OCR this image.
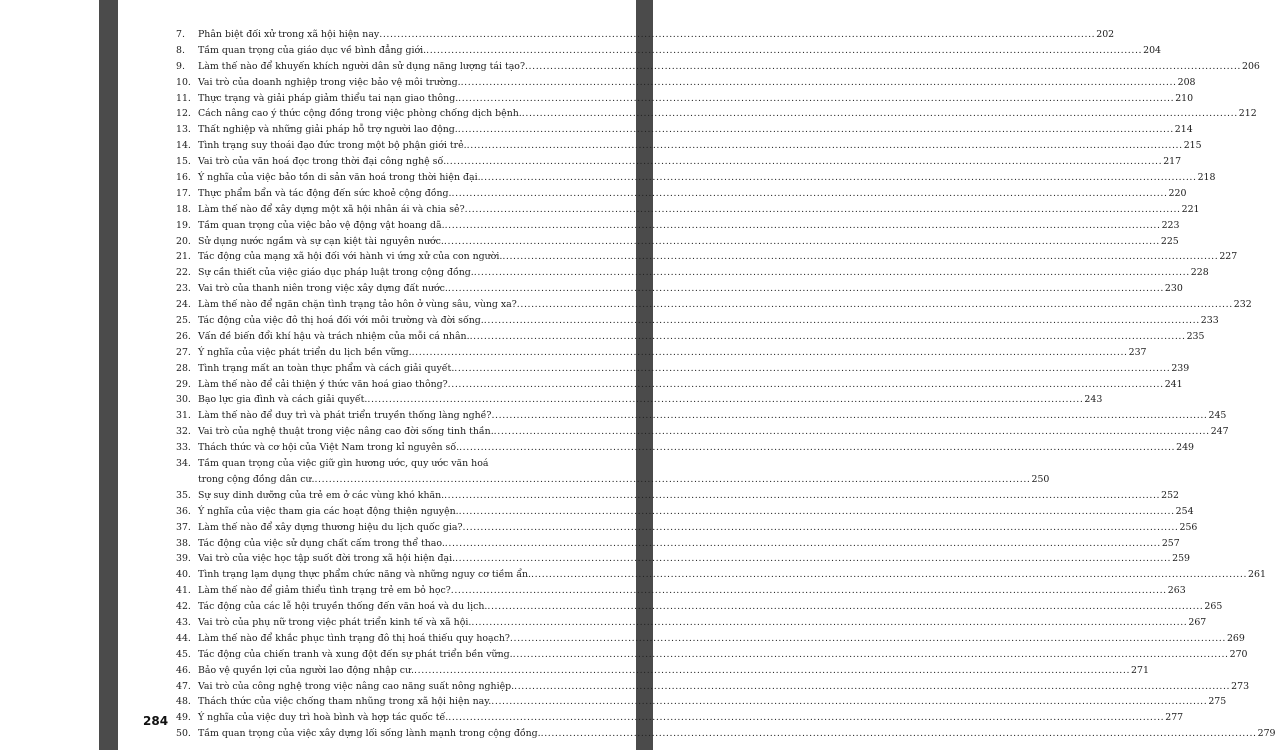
7.	Phân biệt đối xử trong xã hội hiện nay .....	202
8.	Tầm quan trọng của giáo dục về bình đẳng giới. .....	204
9.	Làm thế nào để khuyến khích người dân sử dụng năng lượng tái tạo? .....	206
10. Vai trò của doanh nghiệp trong việc bảo vệ môi trường. .....	208
11. Thực trạng và giải pháp giảm thiểu tai nạn giao thông. .....	210
12. Cách nâng cao ý thức cộng đồng trong việc phòng chống dịch bệnh. .....	212
13. Thất nghiệp và những giải pháp hỗ trợ người lao động. .....	214
14. Tình trạng suy thoái đạo đức trong một bộ phận giới trẻ. .....	215
15. Vai trò của văn hoá đọc trong thời đại công nghệ số. .....	217
16. Ý nghĩa của việc bảo tồn di sản văn hoá trong thời hiện đại. .....	218
17. Thực phẩm bẩn và tác động đến sức khoẻ cộng đồng. .....	220
18. Làm thế nào để xây dựng một xã hội nhân ái và chia sẻ? .....	221
19. Tầm quan trọng của việc bảo vệ động vật hoang dã. .....	223
20. Sử dụng nước ngầm và sự cạn kiệt tài nguyên nước. .....	225
21. Tác động của mạng xã hội đối với hành vi ứng xử của con người. .....	227
22. Sự cần thiết của việc giáo dục pháp luật trong cộng đồng. .....	228
23. Vai trò của thanh niên trong việc xây dựng đất nước. .....	230
24. Làm thế nào để ngăn chặn tình trạng tảo hôn ở vùng sâu, vùng xa? .....	232
25. Tác động của việc đô thị hoá đối với môi trường và đời sống. .....	233
26. Vấn đề biến đổi khí hậu và trách nhiệm của mỗi cá nhân. .....	235
27. Ý nghĩa của việc phát triển du lịch bền vững. .....	237
28. Tình trạng mất an toàn thực phẩm và cách giải quyết. .....	239
29. Làm thế nào để cải thiện ý thức văn hoá giao thông? .....	241
30. Bạo lực gia đình và cách giải quyết. .....	243
31. Làm thế nào để duy trì và phát triển truyền thống làng nghề? .....	245
32. Vai trò của nghệ thuật trong việc nâng cao đời sống tinh thần. .....	247
33. Thách thức và cơ hội của Việt Nam trong kỉ nguyên số. .....	249
34. Tầm quan trọng của việc giữ gìn hương ước, quy ước văn hoá
trong cộng đồng dân cư. .....	250
35. Sự suy dinh dưỡng của trẻ em ở các vùng khó khăn. .....	252
36. Ý nghĩa của việc tham gia các hoạt động thiện nguyện. .....	254
37. Làm thế nào để xây dựng thương hiệu du lịch quốc gia? .....	256
38. Tác động của việc sử dụng chất cấm trong thể thao. .....	257
39. Vai trò của việc học tập suốt đời trong xã hội hiện đại. .....	259
40. Tình trạng lạm dụng thực phẩm chức năng và những nguy cơ tiềm ẩn. .....	261
41. Làm thế nào để giảm thiểu tình trạng trẻ em bỏ học? .....	263
42. Tác động của các lễ hội truyền thống đến văn hoá và du lịch. .....	265
43. Vai trò của phụ nữ trong việc phát triển kinh tế và xã hội. .....	267
44. Làm thế nào để khắc phục tình trạng đô thị hoá thiếu quy hoạch? .....	269
45. Tác động của chiến tranh và xung đột đến sự phát triển bền vững. .....	270
46. Bảo vệ quyền lợi của người lao động nhập cư. .....	271
47. Vai trò của công nghệ trong việc nâng cao năng suất nông nghiệp. .....	273
48. Thách thức của việc chống tham nhũng trong xã hội hiện nay. .....	275
49. Ý nghĩa của việc duy trì hoà bình và hợp tác quốc tế. .....	277
50. Tầm quan trọng của việc xây dựng lối sống lành mạnh trong cộng đồng. .....	279
284
